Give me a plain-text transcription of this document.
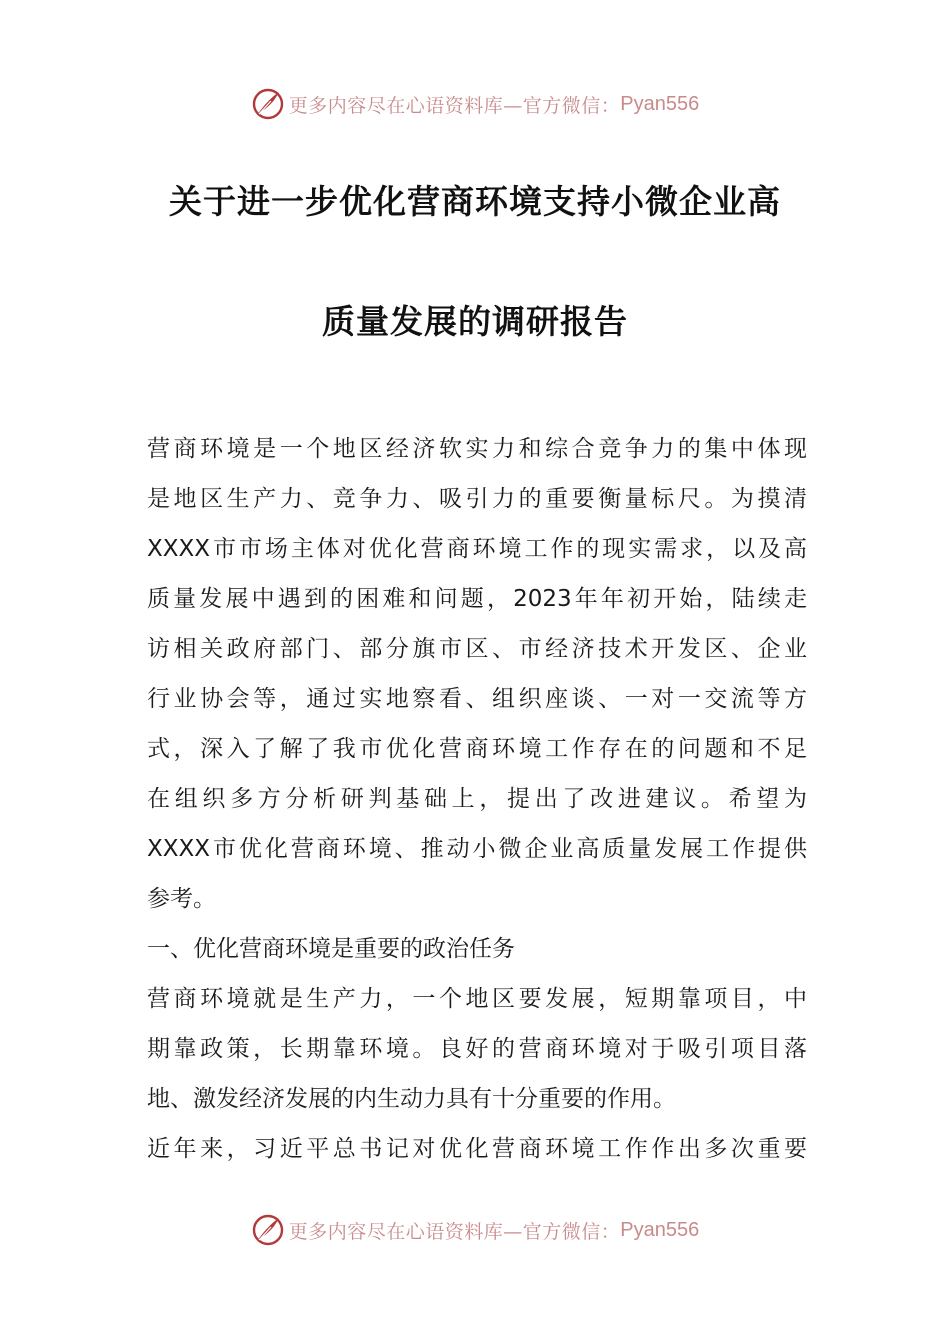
更多内容尽在心语资料库—官方微信： Pyan556
关于进一步优化营商环境支持小微企业高
质量发展的调研报告
营商环境是一个地区经济软实力和综合竞争力的集中体现
是地区生产力、竞争力、吸引力的重要衡量标尺。为摸清
XXXX市市场主体对优化营商环境工作的现实需求，以及高
质量发展中遇到的困难和问题，2023年年初开始，陆续走
访相关政府部门、部分旗市区、市经济技术开发区、企业
行业协会等，通过实地察看、组织座谈、一对一交流等方
式，深入了解了我市优化营商环境工作存在的问题和不足
在组织多方分析研判基础上，提出了改进建议。希望为
XXXX市优化营商环境、推动小微企业高质量发展工作提供
参考。
一、优化营商环境是重要的政治任务
营商环境就是生产力，一个地区要发展，短期靠项目，中
期靠政策，长期靠环境。良好的营商环境对于吸引项目落
地、激发经济发展的内生动力具有十分重要的作用。
近年来，习近平总书记对优化营商环境工作作出多次重要
更多内容尽在心语资料库—官方微信： Pyan556
